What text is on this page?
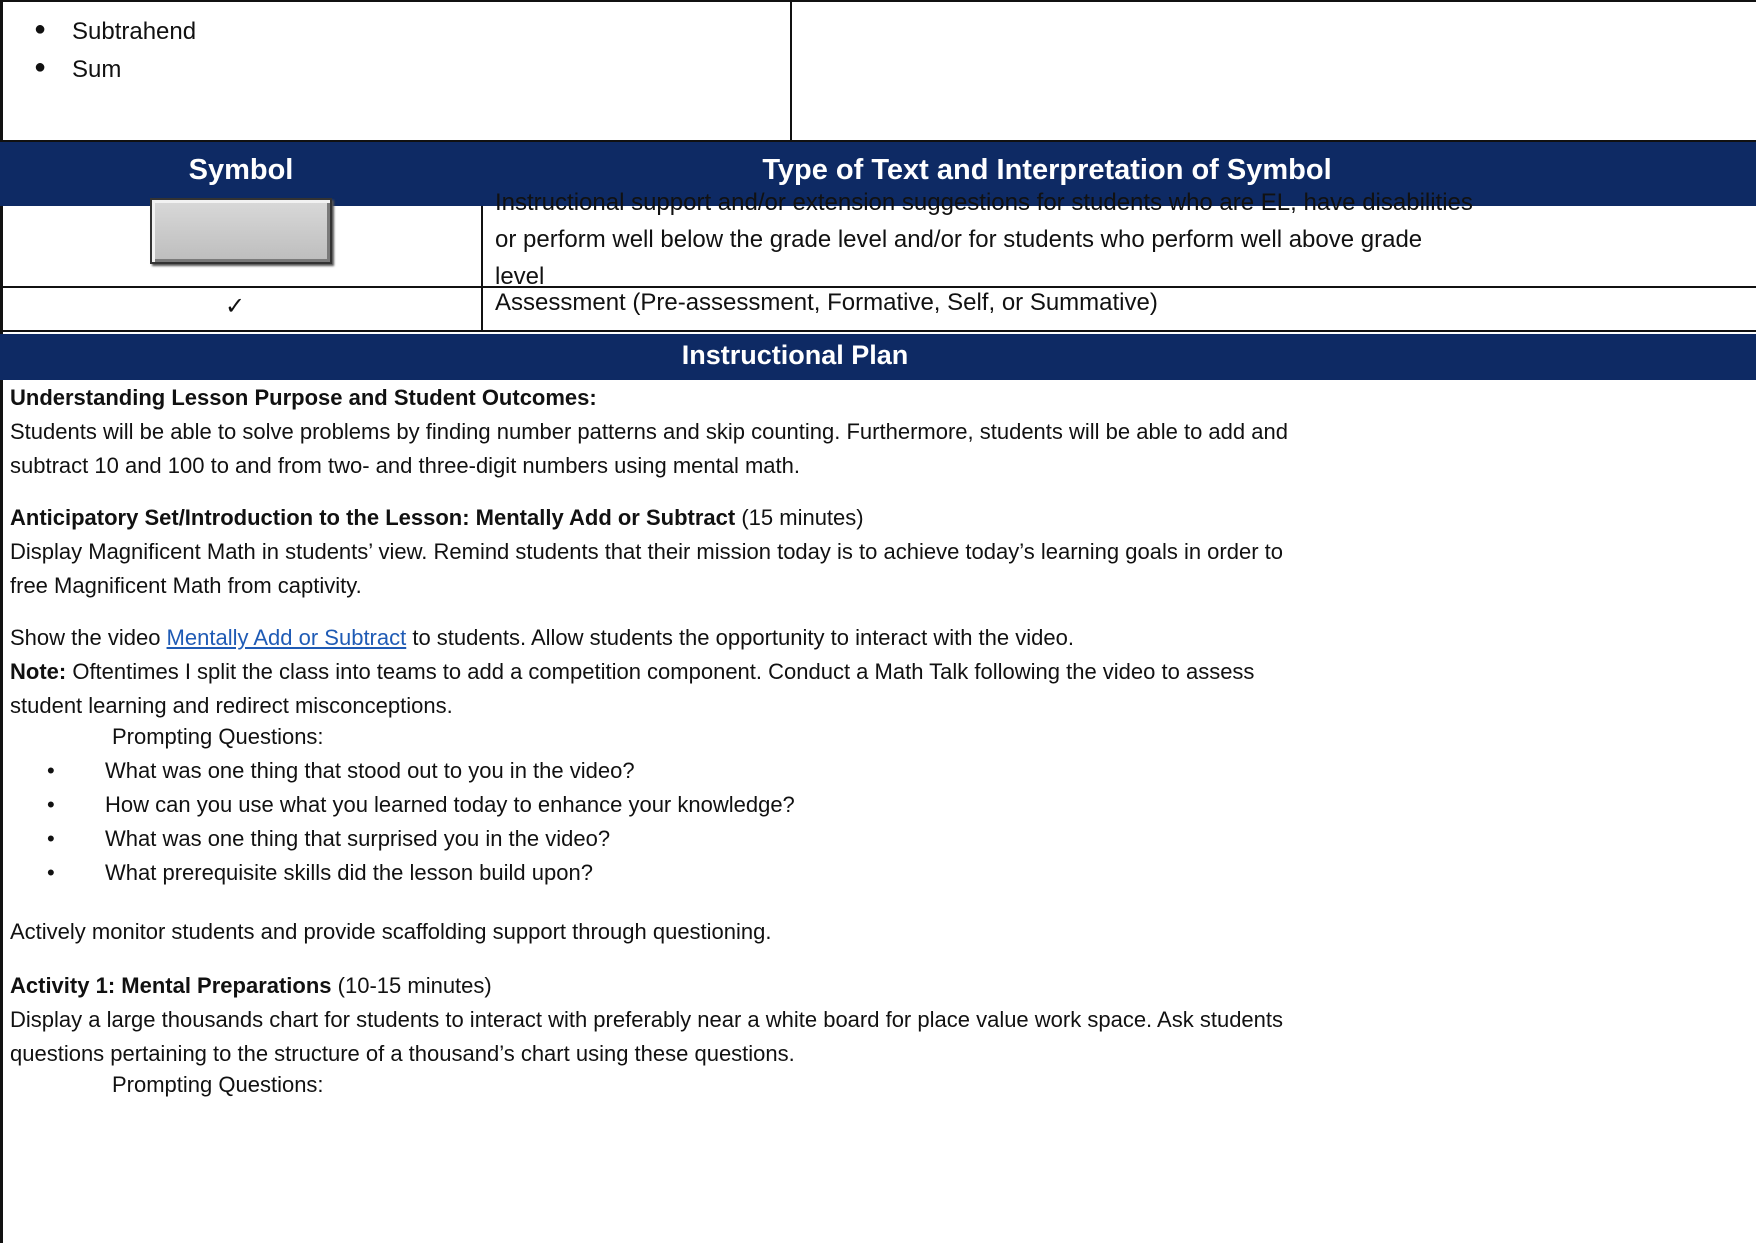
● Subtrahend
● Sum
Symbol	Type of Text and Interpretation of Symbol
Instructional support and/or extension suggestions for students who are EL, have disabilities
or perform well below the grade level and/or for students who perform well above grade
level
✓	Assessment (Pre-assessment, Formative, Self, or Summative)
Instructional Plan
Understanding Lesson Purpose and Student Outcomes:
Students will be able to solve problems by finding number patterns and skip counting. Furthermore, students will be able to add and
subtract 10 and 100 to and from two- and three-digit numbers using mental math.
Anticipatory Set/Introduction to the Lesson: Mentally Add or Subtract (15 minutes)
Display Magnificent Math in students’ view. Remind students that their mission today is to achieve today’s learning goals in order to
free Magnificent Math from captivity.
Show the video Mentally Add or Subtract to students. Allow students the opportunity to interact with the video.
Note: Oftentimes I split the class into teams to add a competition component. Conduct a Math Talk following the video to assess
student learning and redirect misconceptions.
Prompting Questions:
• What was one thing that stood out to you in the video?
• How can you use what you learned today to enhance your knowledge?
• What was one thing that surprised you in the video?
• What prerequisite skills did the lesson build upon?
Actively monitor students and provide scaffolding support through questioning.
Activity 1: Mental Preparations (10-15 minutes)
Display a large thousands chart for students to interact with preferably near a white board for place value work space. Ask students
questions pertaining to the structure of a thousand’s chart using these questions.
Prompting Questions:
